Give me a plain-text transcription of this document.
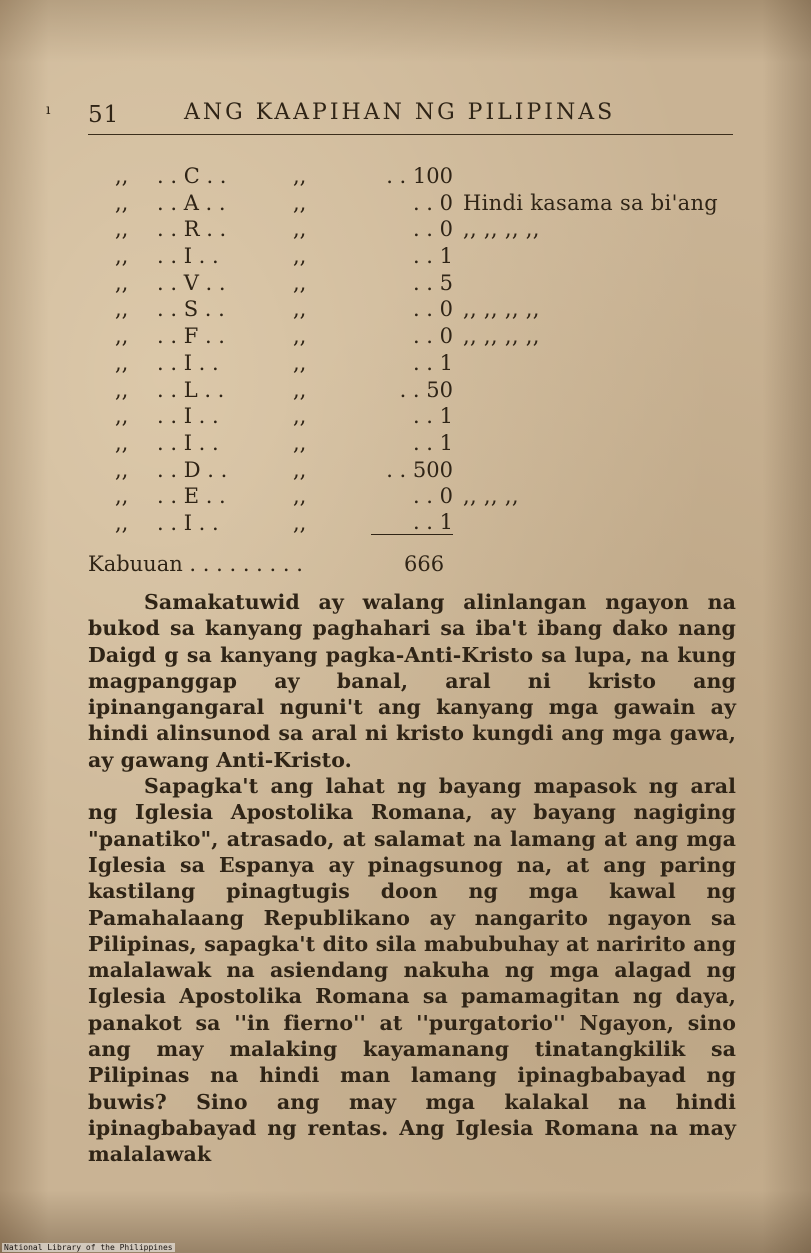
ı 51	ANG KAAPIHAN NG PILIPINAS
,, . . C . .	,,	. . 100
,, . . A . .	,,	. . 0 Hindi kasama sa bi'ang
,, . . R . .	,,	. . 0 ,, ,, ,, ,,
,, . . I . .	,,	. . 1
,, . . V . .	,,	. . 5
,, . . S . .	,,	. . 0 ,, ,, ,, ,,
,, . . F . .	,,	. . 0 ,, ,, ,, ,,
,, . . I . .	,,	. . 1
,, . . L . .	,,	. . 50
,, . . I . .	,,	. . 1
,, . . I . .	,,	. . 1
,, . . D . .	,,	. . 500
,, . . E . .	,,	. . 0 ,, ,, ,,
,, . . I . .	,,	. . 1
Kabuuan . . . . . . . . .	666

Samakatuwid ay walang alinlangan ngayon na bukod sa kanyang paghahari sa iba't ibang dako nang Daigd g sa kanyang pagka-Anti-Kristo sa lupa, na kung magpanggap ay banal, aral ni kristo ang ipinangangaral nguni't ang kanyang mga gawain ay hindi alinsunod sa aral ni kristo kungdi ang mga gawa, ay gawang Anti-Kristo.

Sapagka't ang lahat ng bayang mapasok ng aral ng Iglesia Apostolika Romana, ay bayang nagiging "panatiko", atrasado, at salamat na lamang at ang mga Iglesia sa Espanya ay pinagsunog na, at ang paring kastilang pinagtugis doon ng mga kawal ng Pamahalaang Republikano ay nangarito ngayon sa Pilipinas, sapagka't dito sila mabubuhay at naririto ang malalawak na asiendang nakuha ng mga alagad ng Iglesia Apostolika Romana sa pamamagitan ng daya, panakot sa ''in fierno'' at ''purgatorio'' Ngayon, sino ang may malaking kayamanang tinatangkilik sa Pilipinas na hindi man lamang ipinagbabayad ng buwis? Sino ang may mga kalakal na hindi ipinagbabayad ng rentas. Ang Iglesia Romana na may malalawak

National Library of the Philippines
